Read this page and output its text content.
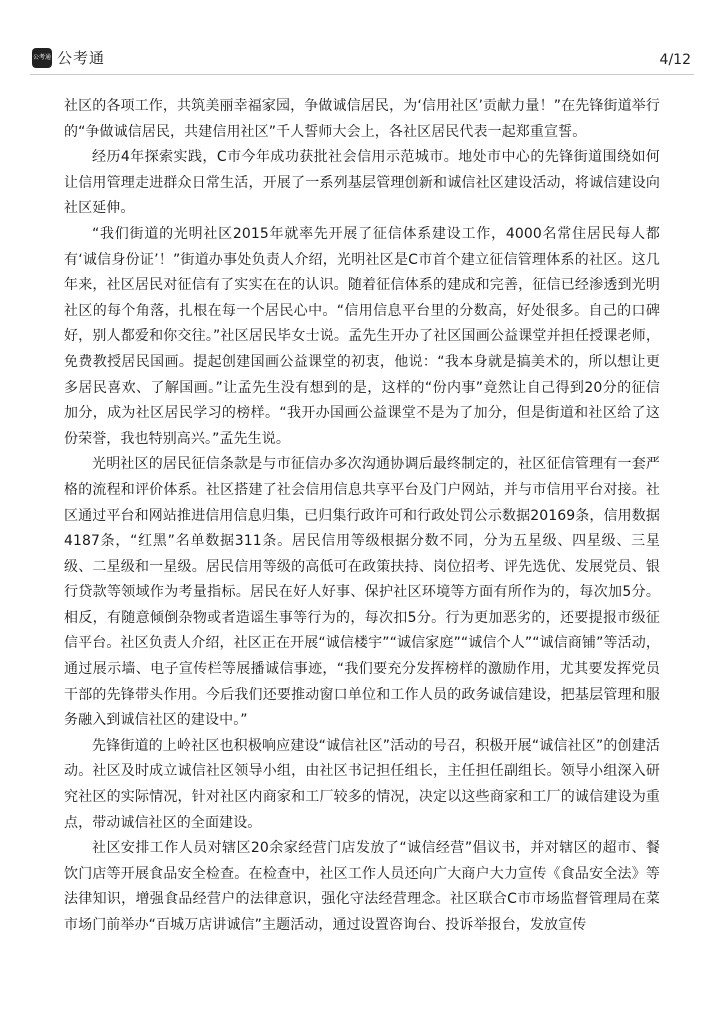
公考通 公考通	4/12

社区的各项工作，共筑美丽幸福家园，争做诚信居民，为‘信用社区’贡献力量！”在先锋街道举行的“争做诚信居民，共建信用社区”千人誓师大会上，各社区居民代表一起郑重宣誓。

经历4年探索实践，C市今年成功获批社会信用示范城市。地处市中心的先锋街道围绕如何让信用管理走进群众日常生活，开展了一系列基层管理创新和诚信社区建设活动，将诚信建设向社区延伸。

“我们街道的光明社区2015年就率先开展了征信体系建设工作，4000名常住居民每人都有‘诚信身份证’！”街道办事处负责人介绍，光明社区是C市首个建立征信管理体系的社区。这几年来，社区居民对征信有了实实在在的认识。随着征信体系的建成和完善，征信已经渗透到光明社区的每个角落，扎根在每一个居民心中。“信用信息平台里的分数高，好处很多。自己的口碑好，别人都爱和你交往。”社区居民毕女士说。孟先生开办了社区国画公益课堂并担任授课老师，免费教授居民国画。提起创建国画公益课堂的初衷，他说：“我本身就是搞美术的，所以想让更多居民喜欢、了解国画。”让孟先生没有想到的是，这样的“份内事”竟然让自己得到20分的征信加分，成为社区居民学习的榜样。“我开办国画公益课堂不是为了加分，但是街道和社区给了这份荣誉，我也特别高兴。”孟先生说。

光明社区的居民征信条款是与市征信办多次沟通协调后最终制定的，社区征信管理有一套严格的流程和评价体系。社区搭建了社会信用信息共享平台及门户网站，并与市信用平台对接。社区通过平台和网站推进信用信息归集，已归集行政许可和行政处罚公示数据20169条，信用数据4187条，“红黑”名单数据311条。居民信用等级根据分数不同，分为五星级、四星级、三星级、二星级和一星级。居民信用等级的高低可在政策扶持、岗位招考、评先选优、发展党员、银行贷款等领域作为考量指标。居民在好人好事、保护社区环境等方面有所作为的，每次加5分。相反，有随意倾倒杂物或者造谣生事等行为的，每次扣5分。行为更加恶劣的，还要提报市级征信平台。社区负责人介绍，社区正在开展“诚信楼宇”“诚信家庭”“诚信个人”“诚信商铺”等活动，通过展示墙、电子宣传栏等展播诚信事迹，“我们要充分发挥榜样的激励作用，尤其要发挥党员干部的先锋带头作用。今后我们还要推动窗口单位和工作人员的政务诚信建设，把基层管理和服务融入到诚信社区的建设中。”

先锋街道的上岭社区也积极响应建设“诚信社区”活动的号召，积极开展“诚信社区”的创建活动。社区及时成立诚信社区领导小组，由社区书记担任组长，主任担任副组长。领导小组深入研究社区的实际情况，针对社区内商家和工厂较多的情况，决定以这些商家和工厂的诚信建设为重点，带动诚信社区的全面建设。

社区安排工作人员对辖区20余家经营门店发放了“诚信经营”倡议书，并对辖区的超市、餐饮门店等开展食品安全检查。在检查中，社区工作人员还向广大商户大力宣传《食品安全法》等法律知识，增强食品经营户的法律意识，强化守法经营理念。社区联合C市市场监督管理局在菜市场门前举办“百城万店讲诚信”主题活动，通过设置咨询台、投诉举报台，发放宣传
